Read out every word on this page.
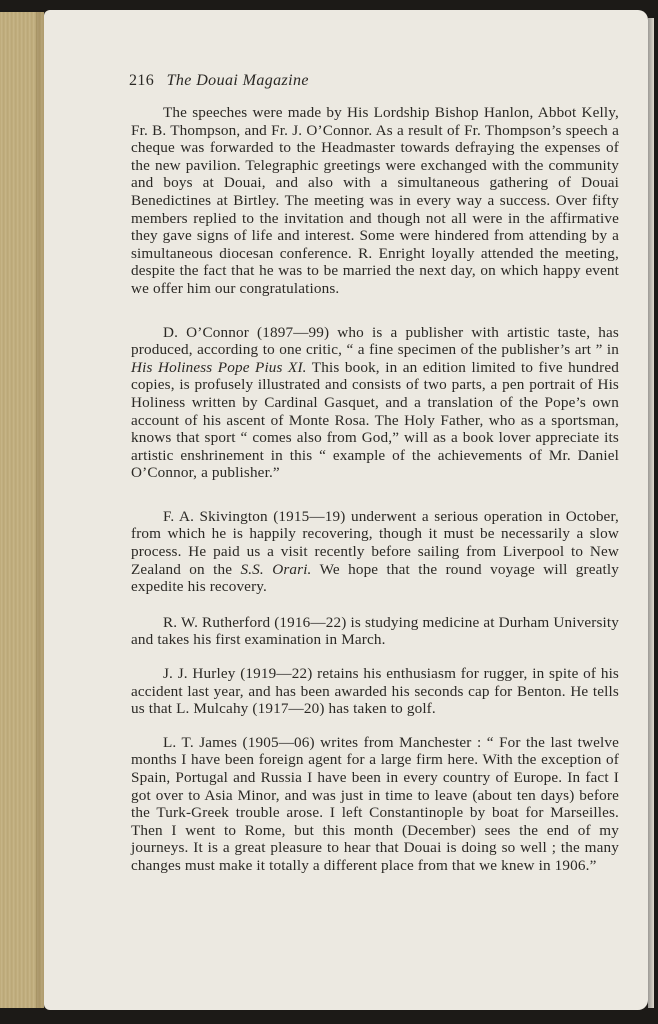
216 The Douai Magazine

The speeches were made by His Lordship Bishop Hanlon, Abbot Kelly, Fr. B. Thompson, and Fr. J. O’Connor. As a result of Fr. Thompson’s speech a cheque was forwarded to the Headmaster towards defraying the expenses of the new pavilion. Telegraphic greetings were exchanged with the community and boys at Douai, and also with a simultaneous gathering of Douai Benedictines at Birtley. The meeting was in every way a success. Over fifty members replied to the invitation and though not all were in the affirmative they gave signs of life and interest. Some were hindered from attending by a simultaneous diocesan conference. R. Enright loyally attended the meeting, despite the fact that he was to be married the next day, on which happy event we offer him our congratulations.

D. O’Connor (1897—99) who is a publisher with artistic taste, has produced, according to one critic, “ a fine specimen of the publisher’s art ” in His Holiness Pope Pius XI. This book, in an edition limited to five hundred copies, is profusely illustrated and consists of two parts, a pen portrait of His Holiness written by Cardinal Gasquet, and a translation of the Pope’s own account of his ascent of Monte Rosa. The Holy Father, who as a sportsman, knows that sport “ comes also from God,” will as a book lover appreciate its artistic enshrinement in this “ example of the achievements of Mr. Daniel O’Connor, a publisher.”

F. A. Skivington (1915—19) underwent a serious operation in October, from which he is happily recovering, though it must be necessarily a slow process. He paid us a visit recently before sailing from Liverpool to New Zealand on the S.S. Orari. We hope that the round voyage will greatly expedite his recovery.

R. W. Rutherford (1916—22) is studying medicine at Durham University and takes his first examination in March.

J. J. Hurley (1919—22) retains his enthusiasm for rugger, in spite of his accident last year, and has been awarded his seconds cap for Benton. He tells us that L. Mulcahy (1917—20) has taken to golf.

L. T. James (1905—06) writes from Manchester : “ For the last twelve months I have been foreign agent for a large firm here. With the exception of Spain, Portugal and Russia I have been in every country of Europe. In fact I got over to Asia Minor, and was just in time to leave (about ten days) before the Turk-Greek trouble arose. I left Constantinople by boat for Marseilles. Then I went to Rome, but this month (December) sees the end of my journeys. It is a great pleasure to hear that Douai is doing so well ; the many changes must make it totally a different place from that we knew in 1906.”
